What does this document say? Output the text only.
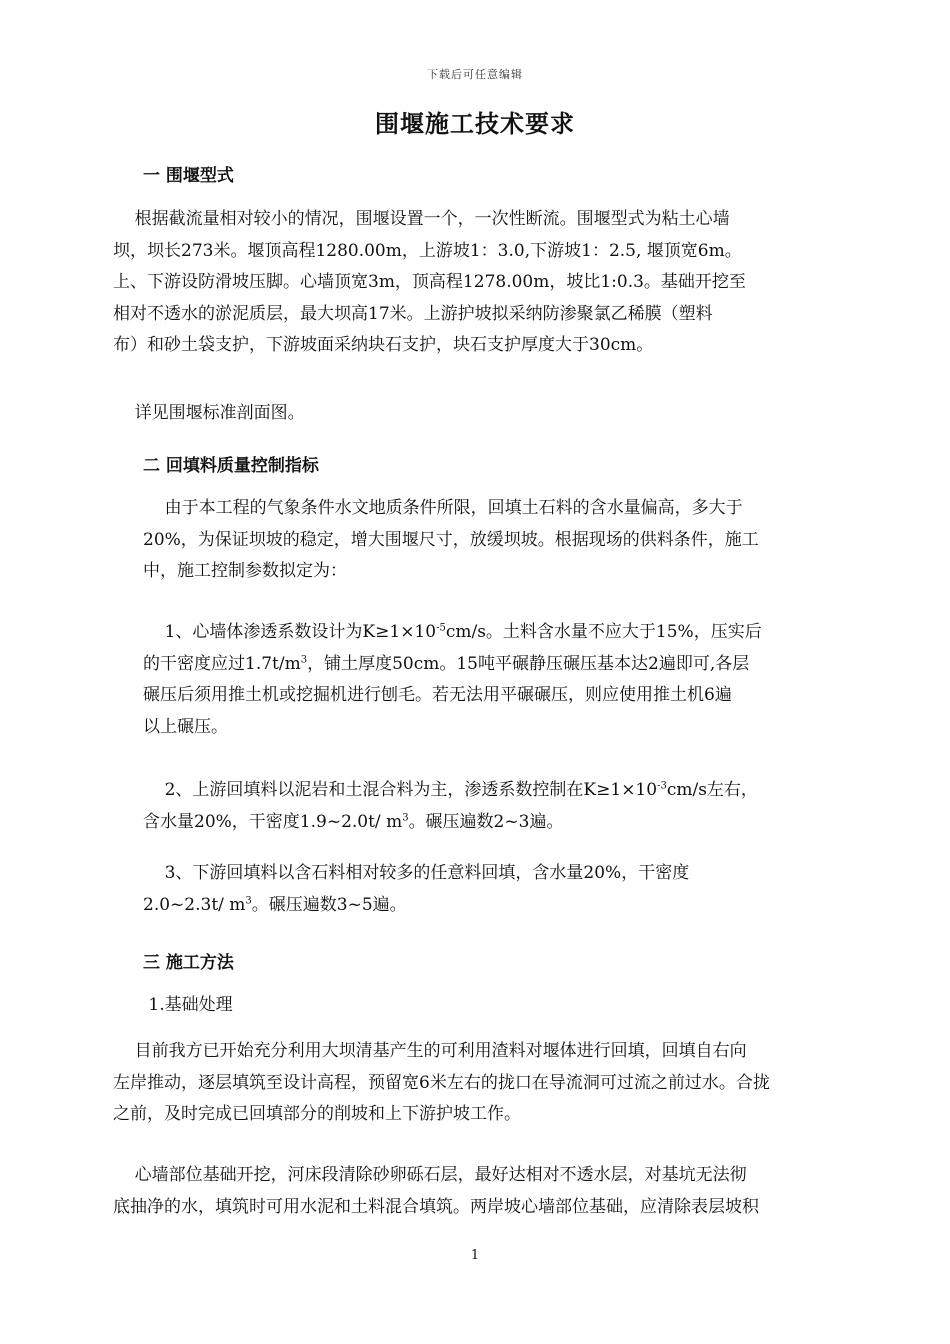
下载后可任意编辑
围堰施工技术要求
一 围堰型式
根据截流量相对较小的情况，围堰设置一个，一次性断流。围堰型式为粘土心墙
坝，坝长273米。堰顶高程1280.00m，上游坡1：3.0,下游坡1：2.5, 堰顶宽6m。
上、下游设防滑坡压脚。心墙顶宽3m，顶高程1278.00m，坡比1:0.3。基础开挖至
相对不透水的淤泥质层，最大坝高17米。上游护坡拟采纳防渗聚氯乙稀膜（塑料
布）和砂土袋支护，下游坡面采纳块石支护，块石支护厚度大于30cm。
详见围堰标准剖面图。
二 回填料质量控制指标
由于本工程的气象条件水文地质条件所限，回填土石料的含水量偏高，多大于
20%，为保证坝坡的稳定，增大围堰尺寸，放缓坝坡。根据现场的供料条件，施工
中，施工控制参数拟定为：
1、心墙体渗透系数设计为$K\ge 1\times 10^{-5}cm/s$。土料含水量不应大于15%，压实后
的干密度应过$1.7t/m^3$，铺土厚度50cm。15吨平碾静压碾压基本达2遍即可,各层
碾压后须用推土机或挖掘机进行刨毛。若无法用平碾碾压，则应使用推土机6遍
以上碾压。
2、上游回填料以泥岩和土混合料为主，渗透系数控制在$K\ge 1\times 10^{-3}cm/s$左右，
含水量20%，干密度1.9~2.0t/ $m^3$。碾压遍数2~3遍。
3、下游回填料以含石料相对较多的任意料回填，含水量20%，干密度
2.0~2.3t/ $m^3$。碾压遍数3~5遍。
三 施工方法
1.基础处理
目前我方已开始充分利用大坝清基产生的可利用渣料对堰体进行回填，回填自右向
左岸推动，逐层填筑至设计高程，预留宽6米左右的拢口在导流洞可过流之前过水。合拢
之前，及时完成已回填部分的削坡和上下游护坡工作。
心墙部位基础开挖，河床段清除砂卵砾石层，最好达相对不透水层，对基坑无法彻
底抽净的水，填筑时可用水泥和土料混合填筑。两岸坡心墙部位基础，应清除表层坡积
1
